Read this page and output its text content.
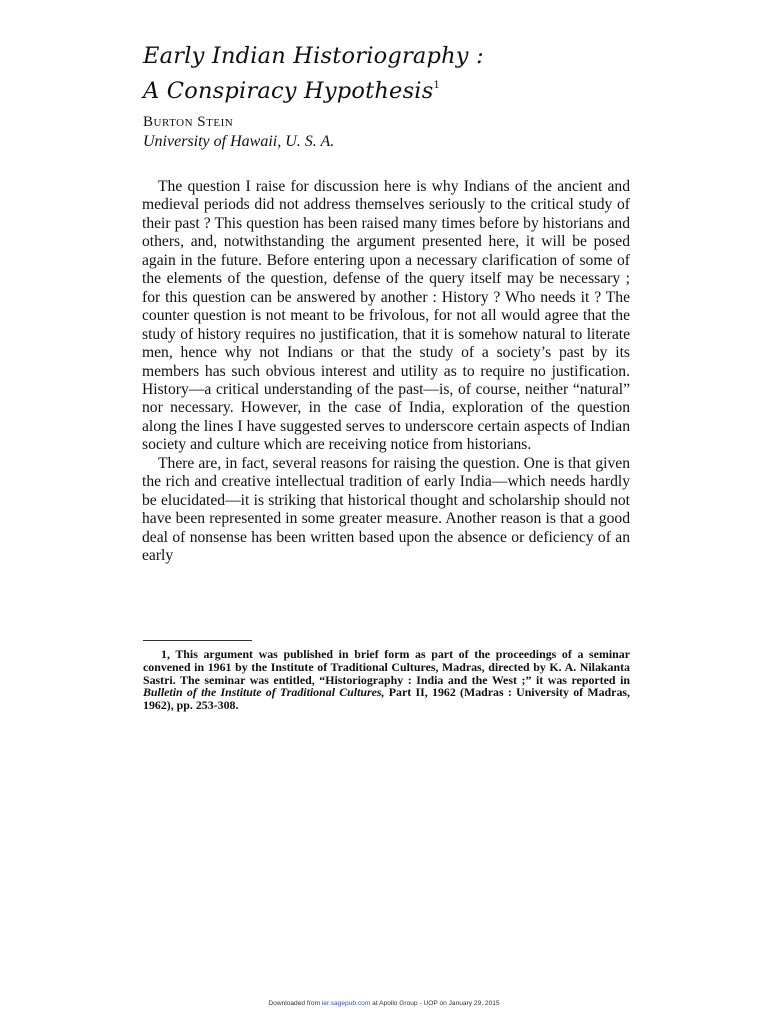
Early Indian Historiography :
A Conspiracy Hypothesis$^1$
Burton Stein
University of Hawaii, U. S. A.

The question I raise for discussion here is why Indians of the ancient and medieval periods did not address themselves seriously to the critical study of their past ? This question has been raised many times before by historians and others, and, notwithstanding the argument presented here, it will be posed again in the future. Before entering upon a necessary clarification of some of the elements of the question, defense of the query itself may be necessary ; for this question can be answered by another : History ? Who needs it ? The counter question is not meant to be frivolous, for not all would agree that the study of history requires no justification, that it is somehow natural to literate men, hence why not Indians or that the study of a society’s past by its members has such obvious interest and utility as to require no justification. History—a critical understanding of the past—is, of course, neither “natural” nor necessary. However, in the case of India, exploration of the question along the lines I have suggested serves to underscore certain aspects of Indian society and culture which are receiving notice from historians.

There are, in fact, several reasons for raising the question. One is that given the rich and creative intellectual tradition of early India—which needs hardly be elucidated—it is striking that historical thought and scholarship should not have been represented in some greater measure. Another reason is that a good deal of nonsense has been written based upon the absence or deficiency of an early

1, This argument was published in brief form as part of the proceedings of a seminar convened in 1961 by the Institute of Traditional Cultures, Madras, directed by K. A. Nilakanta Sastri. The seminar was entitled, “Historiography : India and the West ;” it was reported in Bulletin of the Institute of Traditional Cultures, Part II, 1962 (Madras : University of Madras, 1962), pp. 253-308.

Downloaded from ier.sagepub.com at Apollo Group - UOP on January 29, 2015
